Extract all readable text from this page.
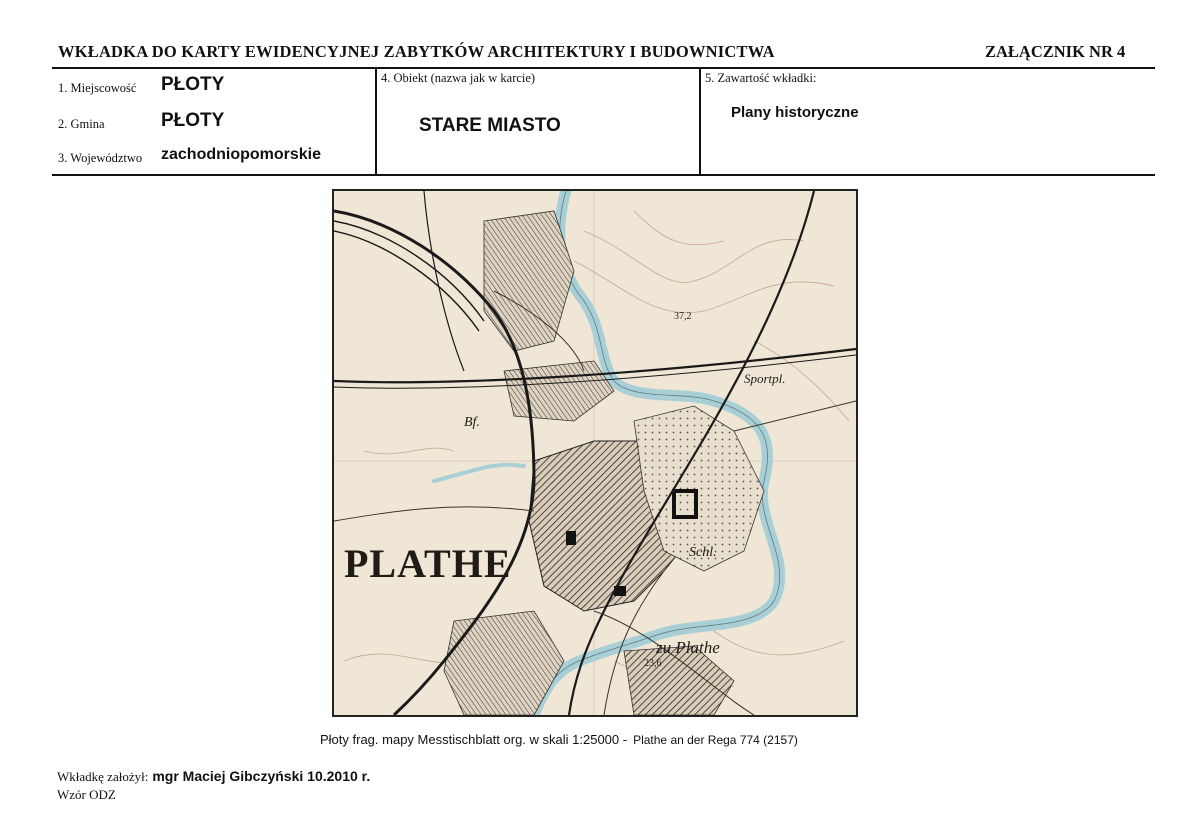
WKŁADKA DO KARTY EWIDENCYJNEJ ZABYTKÓW ARCHITEKTURY I BUDOWNICTWA	ZAŁĄCZNIK NR 4
1. Miejscowość PŁOTY
2. Gmina	PŁOTY
3. Województwo zachodniopomorskie
4. Obiekt (nazwa jak w karcie)
STARE MIASTO
5. Zawartość wkładki:
Plany historyczne
PLATHE
Bf.
Schl.
Sportpl.
zu Plathe
37,2
23,6
Płoty frag. mapy Messtischblatt org. w skali 1:25000 - Plathe an der Rega 774 (2157)
Wkładkę założył: mgr Maciej Gibczyński 10.2010 r.
Wzór ODZ
